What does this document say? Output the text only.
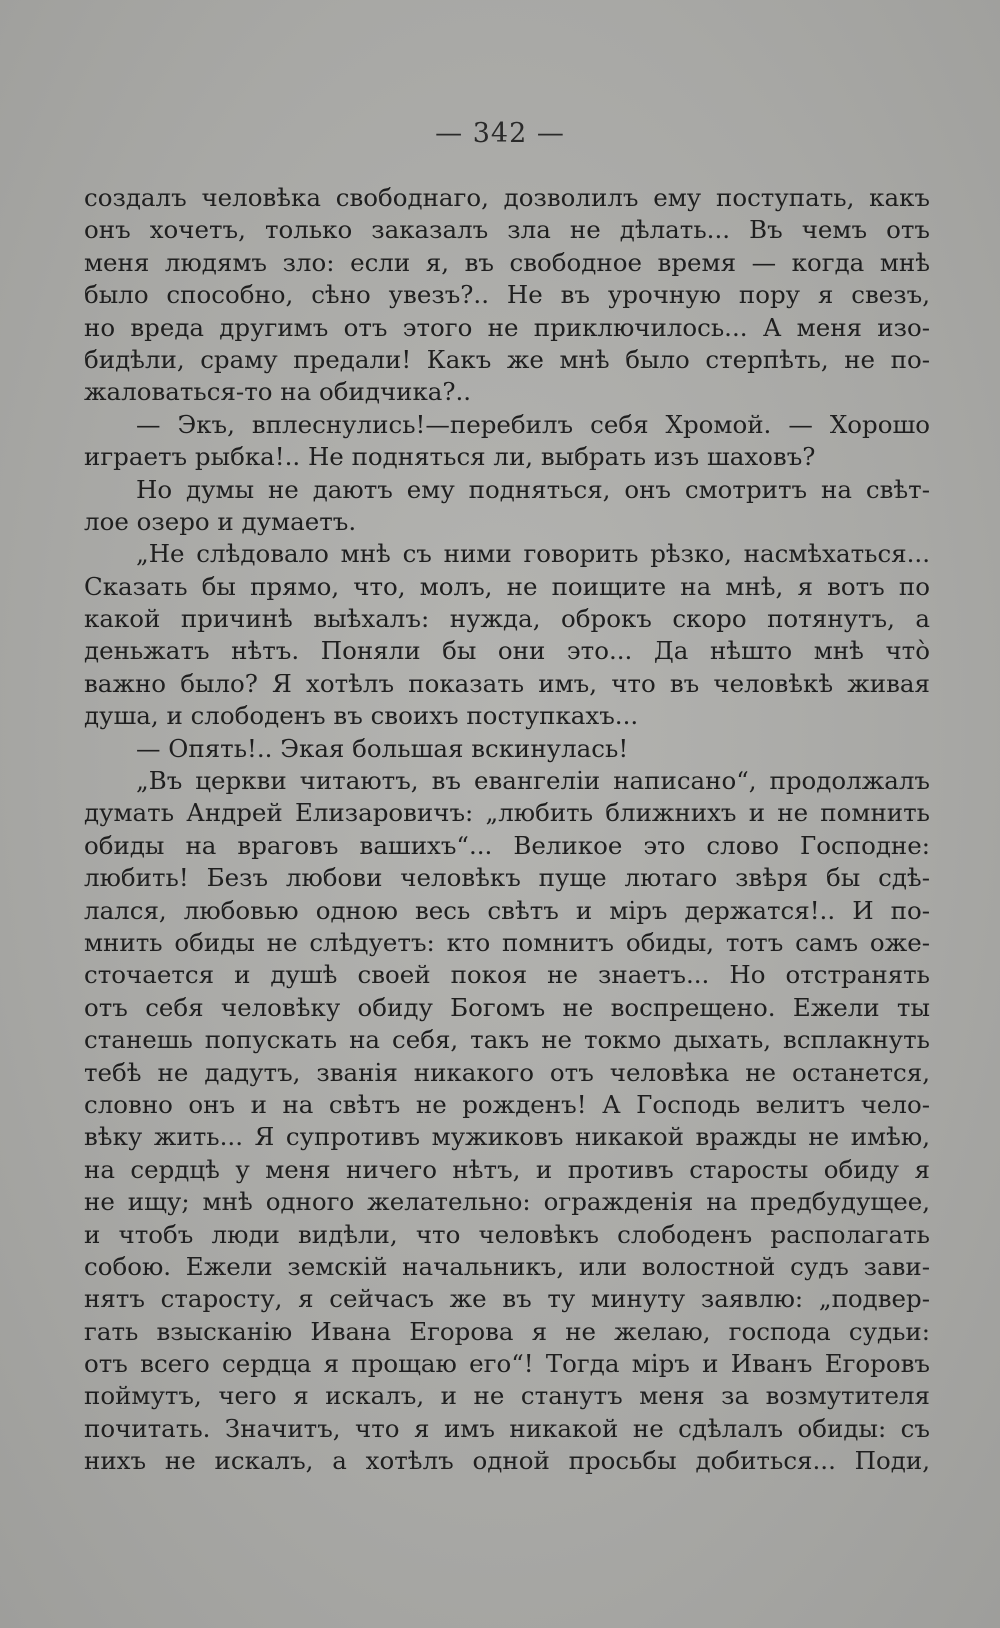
— 342 —
создалъ человѣка свободнаго, дозволилъ ему поступать, какъ
онъ хочетъ, только заказалъ зла не дѣлать... Въ чемъ отъ
меня людямъ зло: если я, въ свободное время — когда мнѣ
было способно, сѣно увезъ?.. Не въ урочную пору я свезъ,
но вреда другимъ отъ этого не приключилось... А меня изо-
бидѣли, сраму предали! Какъ же мнѣ было стерпѣть, не по-
жаловаться-то на обидчика?..
— Экъ, вплеснулись!—перебилъ себя Хромой. — Хорошо
играетъ рыбка!.. Не подняться ли, выбрать изъ шаховъ?
Но думы не даютъ ему подняться, онъ смотритъ на свѣт-
лое озеро и думаетъ.
„Не слѣдовало мнѣ съ ними говорить рѣзко, насмѣхаться...
Сказать бы прямо, что, молъ, не поищите на мнѣ, я вотъ по
какой причинѣ выѣхалъ: нужда, оброкъ скоро потянутъ, а
деньжатъ нѣтъ. Поняли бы они это... Да нѣшто мнѣ что̀
важно было? Я хотѣлъ показать имъ, что въ человѣкѣ живая
душа, и слободенъ въ своихъ поступкахъ...
— Опять!.. Экая большая вскинулась!
„Въ церкви читаютъ, въ евангеліи написано“, продолжалъ
думать Андрей Елизаровичъ: „любить ближнихъ и не помнить
обиды на враговъ вашихъ“... Великое это слово Господне:
любить! Безъ любови человѣкъ пуще лютаго звѣря бы сдѣ-
лался, любовью одною весь свѣтъ и міръ держатся!.. И по-
мнить обиды не слѣдуетъ: кто помнитъ обиды, тотъ самъ оже-
сточается и душѣ своей покоя не знаетъ... Но отстранять
отъ себя человѣку обиду Богомъ не воспрещено. Ежели ты
станешь попускать на себя, такъ не токмо дыхать, всплакнуть
тебѣ не дадутъ, званія никакого отъ человѣка не останется,
словно онъ и на свѣтъ не рожденъ! А Господь велитъ чело-
вѣку жить... Я супротивъ мужиковъ никакой вражды не имѣю,
на сердцѣ у меня ничего нѣтъ, и противъ старосты обиду я
не ищу; мнѣ одного желательно: огражденія на предбудущее,
и чтобъ люди видѣли, что человѣкъ слободенъ располагать
собою. Ежели земскій начальникъ, или волостной судъ зави-
нятъ старосту, я сейчасъ же въ ту минуту заявлю: „подвер-
гать взысканію Ивана Егорова я не желаю, господа судьи:
отъ всего сердца я прощаю его“! Тогда міръ и Иванъ Егоровъ
поймутъ, чего я искалъ, и не станутъ меня за возмутителя
почитать. Значитъ, что я имъ никакой не сдѣлалъ обиды: съ
нихъ не искалъ, а хотѣлъ одной просьбы добиться... Поди,
